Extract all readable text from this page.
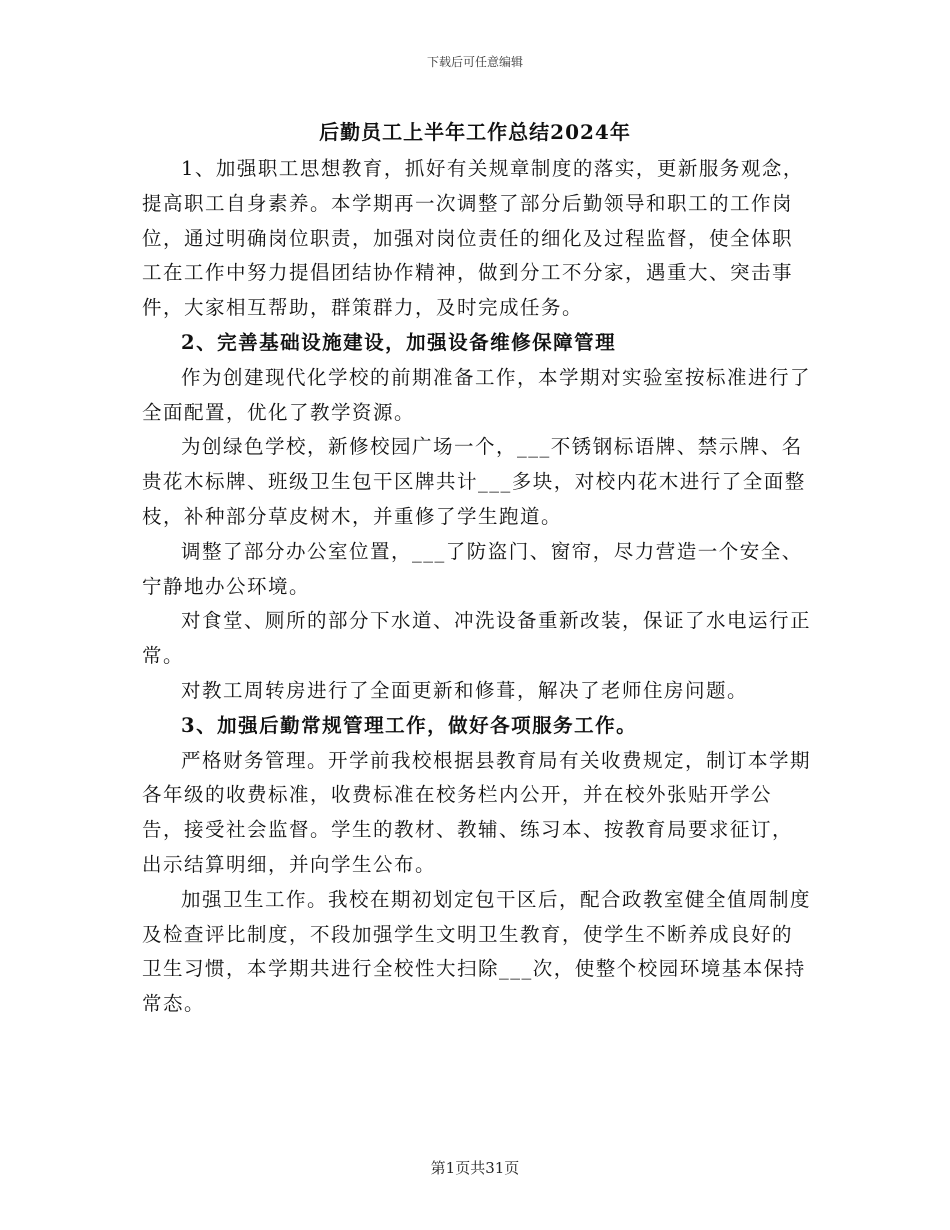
下载后可任意编辑
后勤员工上半年工作总结2024年

1、加强职工思想教育，抓好有关规章制度的落实，更新服务观念，提高职工自身素养。本学期再一次调整了部分后勤领导和职工的工作岗位，通过明确岗位职责，加强对岗位责任的细化及过程监督，使全体职工在工作中努力提倡团结协作精神，做到分工不分家，遇重大、突击事件，大家相互帮助，群策群力，及时完成任务。

2、完善基础设施建设，加强设备维修保障管理

作为创建现代化学校的前期准备工作，本学期对实验室按标准进行了全面配置，优化了教学资源。

为创绿色学校，新修校园广场一个，___不锈钢标语牌、禁示牌、名贵花木标牌、班级卫生包干区牌共计___多块，对校内花木进行了全面整枝，补种部分草皮树木，并重修了学生跑道。

调整了部分办公室位置，___了防盗门、窗帘，尽力营造一个安全、宁静地办公环境。

对食堂、厕所的部分下水道、冲洗设备重新改装，保证了水电运行正常。

对教工周转房进行了全面更新和修葺，解决了老师住房问题。

3、加强后勤常规管理工作，做好各项服务工作。

严格财务管理。开学前我校根据县教育局有关收费规定，制订本学期各年级的收费标准，收费标准在校务栏内公开，并在校外张贴开学公告，接受社会监督。学生的教材、教辅、练习本、按教育局要求征订，出示结算明细，并向学生公布。

加强卫生工作。我校在期初划定包干区后，配合政教室健全值周制度及检查评比制度，不段加强学生文明卫生教育，使学生不断养成良好的卫生习惯，本学期共进行全校性大扫除___次，使整个校园环境基本保持常态。

第1页共31页
